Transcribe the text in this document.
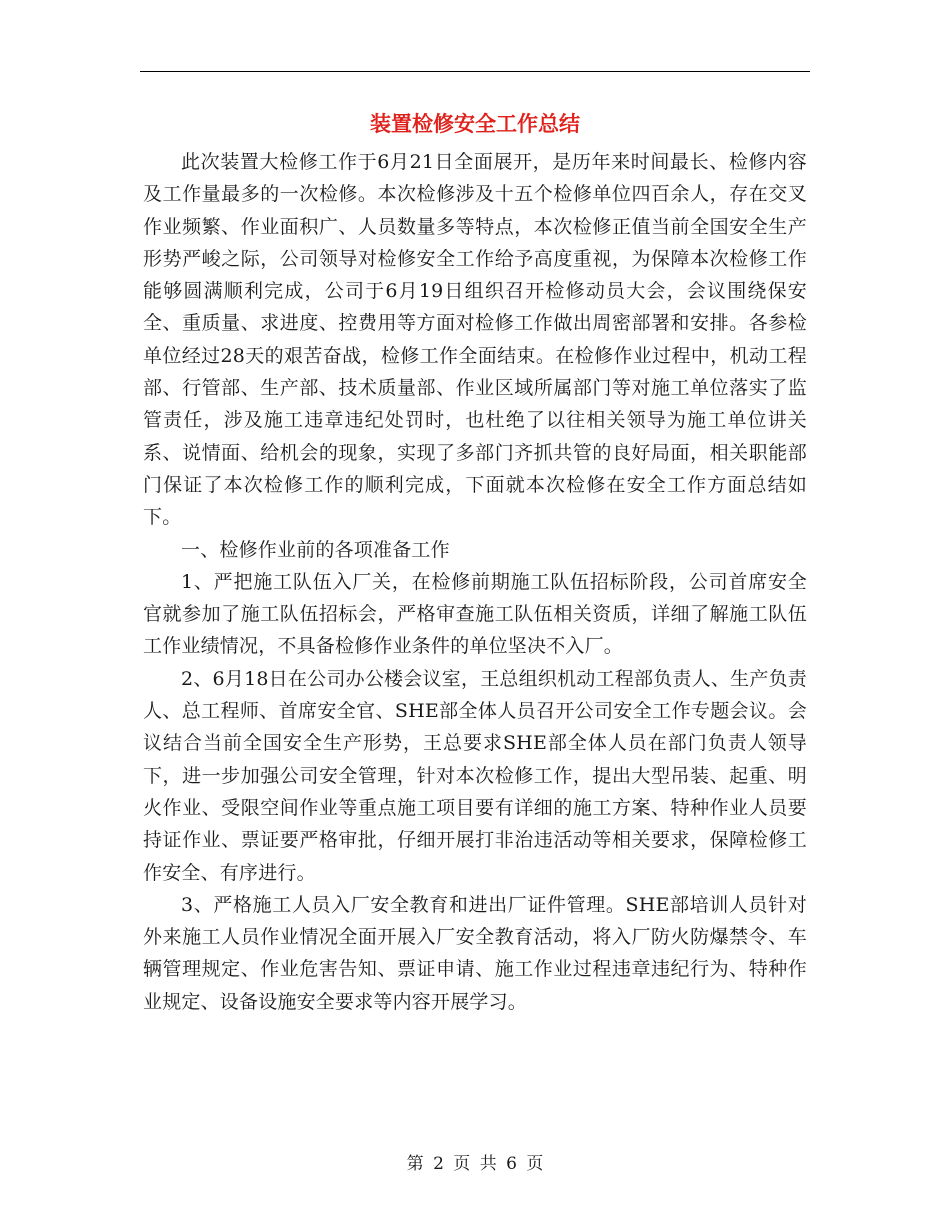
装置检修安全工作总结

此次装置大检修工作于6月21日全面展开，是历年来时间最长、检修内容及工作量最多的一次检修。本次检修涉及十五个检修单位四百余人，存在交叉作业频繁、作业面积广、人员数量多等特点，本次检修正值当前全国安全生产形势严峻之际，公司领导对检修安全工作给予高度重视，为保障本次检修工作能够圆满顺利完成，公司于6月19日组织召开检修动员大会，会议围绕保安全、重质量、求进度、控费用等方面对检修工作做出周密部署和安排。各参检单位经过28天的艰苦奋战，检修工作全面结束。在检修作业过程中，机动工程部、行管部、生产部、技术质量部、作业区域所属部门等对施工单位落实了监管责任，涉及施工违章违纪处罚时，也杜绝了以往相关领导为施工单位讲关系、说情面、给机会的现象，实现了多部门齐抓共管的良好局面，相关职能部门保证了本次检修工作的顺利完成，下面就本次检修在安全工作方面总结如下。

一、检修作业前的各项准备工作

1、严把施工队伍入厂关，在检修前期施工队伍招标阶段，公司首席安全官就参加了施工队伍招标会，严格审查施工队伍相关资质，详细了解施工队伍工作业绩情况，不具备检修作业条件的单位坚决不入厂。

2、6月18日在公司办公楼会议室，王总组织机动工程部负责人、生产负责人、总工程师、首席安全官、SHE部全体人员召开公司安全工作专题会议。会议结合当前全国安全生产形势，王总要求SHE部全体人员在部门负责人领导下，进一步加强公司安全管理，针对本次检修工作，提出大型吊装、起重、明火作业、受限空间作业等重点施工项目要有详细的施工方案、特种作业人员要持证作业、票证要严格审批，仔细开展打非治违活动等相关要求，保障检修工作安全、有序进行。

3、严格施工人员入厂安全教育和进出厂证件管理。SHE部培训人员针对外来施工人员作业情况全面开展入厂安全教育活动，将入厂防火防爆禁令、车辆管理规定、作业危害告知、票证申请、施工作业过程违章违纪行为、特种作业规定、设备设施安全要求等内容开展学习。

第 2 页 共 6 页
